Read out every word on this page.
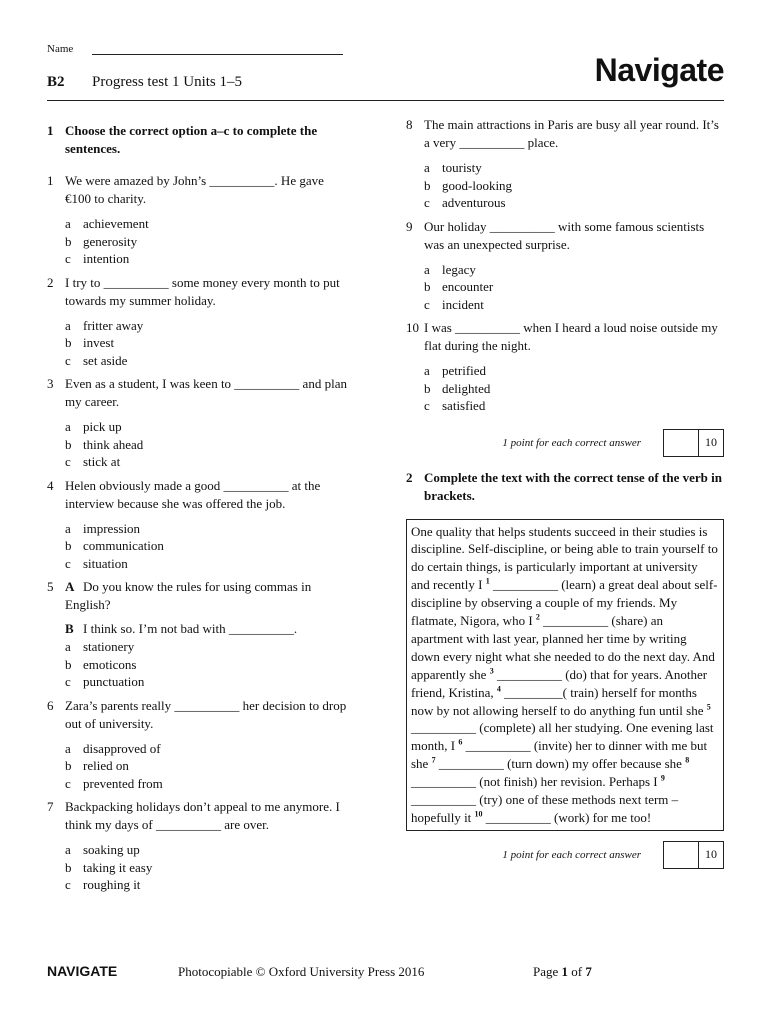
Name
B2 Progress test 1 Units 1–5	Navigate
1 Choose the correct option a–c to complete the sentences.
1 We were amazed by John’s __________. He gave €100 to charity.
a achievement
b generosity
c intention
2 I try to __________ some money every month to put towards my summer holiday.
a fritter away
b invest
c set aside
3 Even as a student, I was keen to __________ and plan my career.
a pick up
b think ahead
c stick at
4 Helen obviously made a good __________ at the interview because she was offered the job.
a impression
b communication
c situation
5 A Do you know the rules for using commas in English?
B I think so. I’m not bad with __________.
a stationery
b emoticons
c punctuation
6 Zara’s parents really __________ her decision to drop out of university.
a disapproved of
b relied on
c prevented from
7 Backpacking holidays don’t appeal to me anymore. I think my days of __________ are over.
a soaking up
b taking it easy
c roughing it
8 The main attractions in Paris are busy all year round. It’s a very __________ place.
a touristy
b good-looking
c adventurous
9 Our holiday __________ with some famous scientists was an unexpected surprise.
a legacy
b encounter
c incident
10 I was __________ when I heard a loud noise outside my flat during the night.
a petrified
b delighted
c satisfied
1 point for each correct answer	10
2 Complete the text with the correct tense of the verb in brackets.
One quality that helps students succeed in their studies is discipline. Self-discipline, or being able to train yourself to do certain things, is particularly important at university and recently I $^1$ __________ (learn) a great deal about self-discipline by observing a couple of my friends. My flatmate, Nigora, who I $^2$ __________ (share) an apartment with last year, planned her time by writing down every night what she needed to do the next day. And apparently she $^3$ __________ (do) that for years. Another friend, Kristina, $^4$ _________( train) herself for months now by not allowing herself to do anything fun until she $^5$ __________ (complete) all her studying. One evening last month, I $^6$ __________ (invite) her to dinner with me but she $^7$ __________ (turn down) my offer because she $^8$ __________ (not finish) her revision. Perhaps I $^9$ __________ (try) one of these methods next term – hopefully it $^{10}$ __________ (work) for me too!
1 point for each correct answer	10
NAVIGATE	Photocopiable © Oxford University Press 2016	Page 1 of 7
